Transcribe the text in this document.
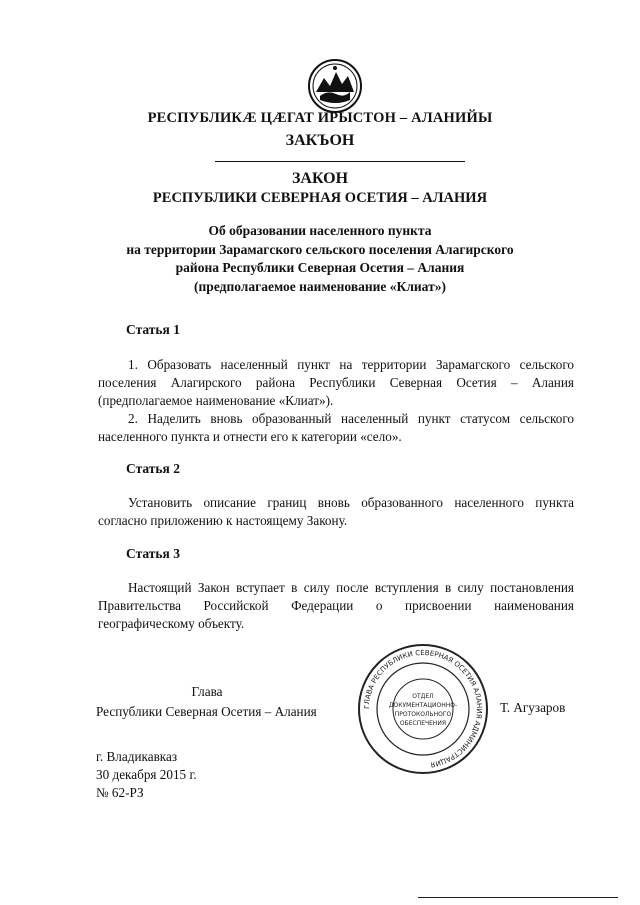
РЕСПУБЛИКӔ ЦӔГАТ ИРЫСТОН – АЛАНИЙЫ
ЗАКЪОН
ЗАКОН
РЕСПУБЛИКИ СЕВЕРНАЯ ОСЕТИЯ – АЛАНИЯ
Об образовании населенного пункта
на территории Зарамагского сельского поселения Алагирского
района Республики Северная Осетия – Алания
(предполагаемое наименование «Клиат»)
Статья 1

1. Образовать населенный пункт на территории Зарамагского сельского поселения Алагирского района Республики Северная Осетия – Алания (предполагаемое наименование «Клиат»).

2. Наделить вновь образованный населенный пункт статусом сельского населенного пункта и отнести его к категории «село».

Статья 2

Установить описание границ вновь образованного населенного пункта согласно приложению к настоящему Закону.

Статья 3

Настоящий Закон вступает в силу после вступления в силу постановления Правительства Российской Федерации о присвоении наименования географическому объекту.

Глава
Республики Северная Осетия – Алания	ГЛАВА РЕСПУБЛИКИ СЕВЕРНАЯ ОСЕТИЯ АЛАНИЯ АДМИНИСТРАЦИЯ
ОТДЕЛ
ДОКУМЕНТАЦИОННО-
ПРОТОКОЛЬНОГО
ОБЕСПЕЧЕНИЯ
Т. Агузаров
г. Владикавказ
30 декабря 2015 г.
№ 62-РЗ
